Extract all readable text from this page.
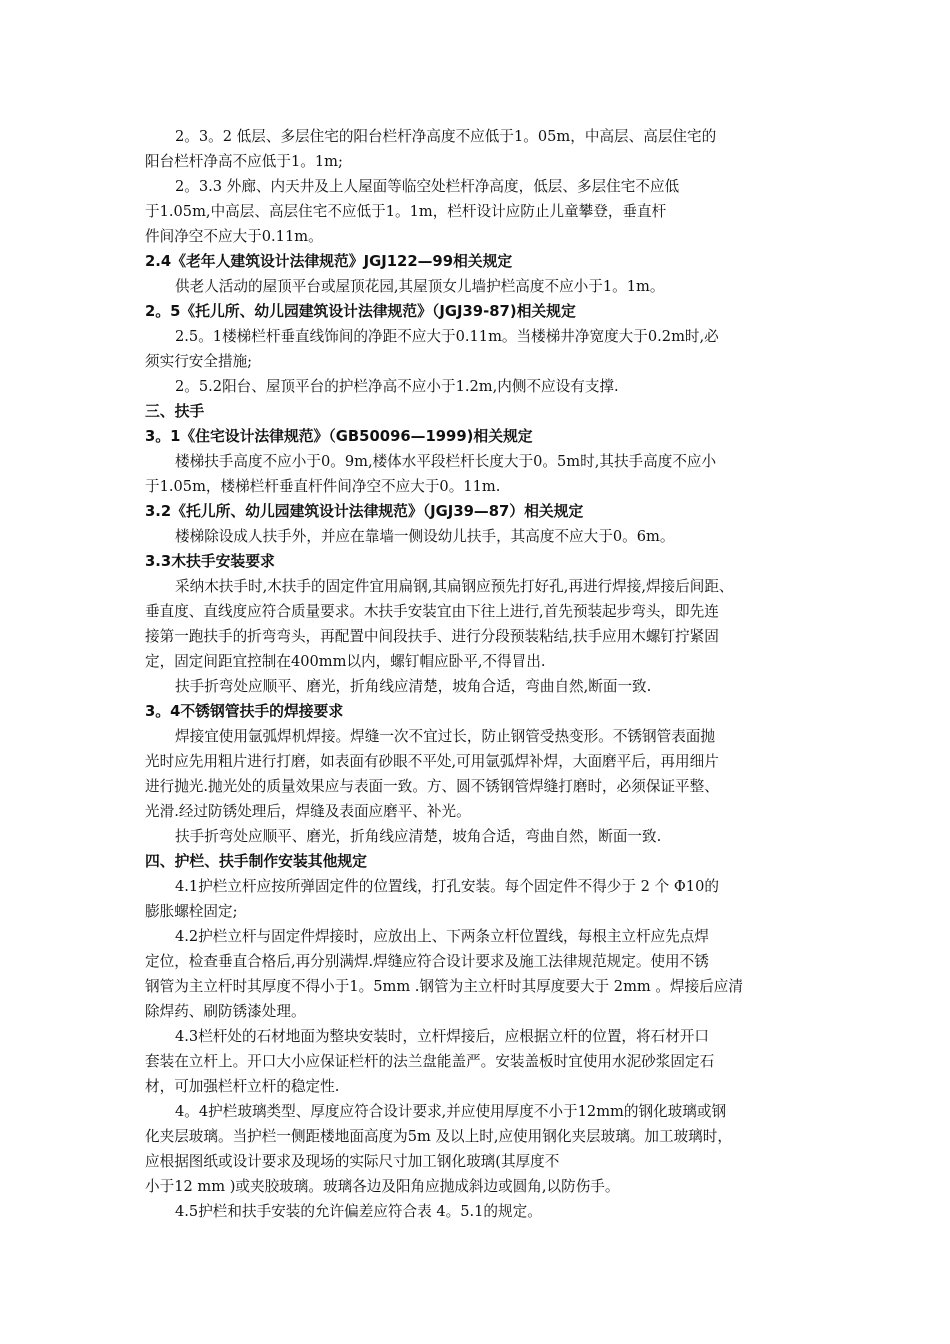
2。3。2 低层、多层住宅的阳台栏杆净高度不应低于1。05m，中高层、高层住宅的
阳台栏杆净高不应低于1。1m;
2。3.3 外廊、内天井及上人屋面等临空处栏杆净高度，低层、多层住宅不应低
于1.05m,中高层、高层住宅不应低于1。1m，栏杆设计应防止儿童攀登，垂直杆
件间净空不应大于0.11m。
2.4《老年人建筑设计法律规范》JGJ122—99相关规定
供老人活动的屋顶平台或屋顶花园,其屋顶女儿墙护栏高度不应小于1。1m。
2。5《托儿所、幼儿园建筑设计法律规范》（JGJ39-87)相关规定
2.5。1楼梯栏杆垂直线饰间的净距不应大于0.11m。当楼梯井净宽度大于0.2m时,必
须实行安全措施;
2。5.2阳台、屋顶平台的护栏净高不应小于1.2m,内侧不应设有支撑.
三、扶手
3。1《住宅设计法律规范》（GB50096—1999)相关规定
楼梯扶手高度不应小于0。9m,楼体水平段栏杆长度大于0。5m时,其扶手高度不应小
于1.05m，楼梯栏杆垂直杆件间净空不应大于0。11m.
3.2《托儿所、幼儿园建筑设计法律规范》（JGJ39—87）相关规定
楼梯除设成人扶手外，并应在靠墙一侧设幼儿扶手，其高度不应大于0。6m。
3.3木扶手安装要求
采纳木扶手时,木扶手的固定件宜用扁钢,其扁钢应预先打好孔,再进行焊接,焊接后间距、
垂直度、直线度应符合质量要求。木扶手安装宜由下往上进行,首先预装起步弯头，即先连
接第一跑扶手的折弯弯头，再配置中间段扶手、进行分段预装粘结,扶手应用木螺钉拧紧固
定，固定间距宜控制在400mm以内，螺钉帽应卧平,不得冒出.
扶手折弯处应顺平、磨光，折角线应清楚，坡角合适，弯曲自然,断面一致.
3。4不锈钢管扶手的焊接要求
焊接宜使用氩弧焊机焊接。焊缝一次不宜过长，防止钢管受热变形。不锈钢管表面抛
光时应先用粗片进行打磨，如表面有砂眼不平处,可用氩弧焊补焊，大面磨平后，再用细片
进行抛光.抛光处的质量效果应与表面一致。方、圆不锈钢管焊缝打磨时，必须保证平整、
光滑.经过防锈处理后，焊缝及表面应磨平、补光。
扶手折弯处应顺平、磨光，折角线应清楚，坡角合适，弯曲自然，断面一致.
四、护栏、扶手制作安装其他规定
4.1护栏立杆应按所弹固定件的位置线，打孔安装。每个固定件不得少于 2 个 Φ10的
膨胀螺栓固定;
4.2护栏立杆与固定件焊接时，应放出上、下两条立杆位置线，每根主立杆应先点焊
定位，检查垂直合格后,再分别满焊.焊缝应符合设计要求及施工法律规范规定。使用不锈
钢管为主立杆时其厚度不得小于1。5mm .钢管为主立杆时其厚度要大于 2mm 。焊接后应清
除焊药、刷防锈漆处理。
4.3栏杆处的石材地面为整块安装时，立杆焊接后，应根据立杆的位置，将石材开口
套装在立杆上。开口大小应保证栏杆的法兰盘能盖严。安装盖板时宜使用水泥砂浆固定石
材，可加强栏杆立杆的稳定性.
4。4护栏玻璃类型、厚度应符合设计要求,并应使用厚度不小于12mm的钢化玻璃或钢
化夹层玻璃。当护栏一侧距楼地面高度为5m 及以上时,应使用钢化夹层玻璃。加工玻璃时，
应根据图纸或设计要求及现场的实际尺寸加工钢化玻璃(其厚度不
小于12 mm )或夹胶玻璃。玻璃各边及阳角应抛成斜边或圆角,以防伤手。
4.5护栏和扶手安装的允许偏差应符合表 4。5.1的规定。
